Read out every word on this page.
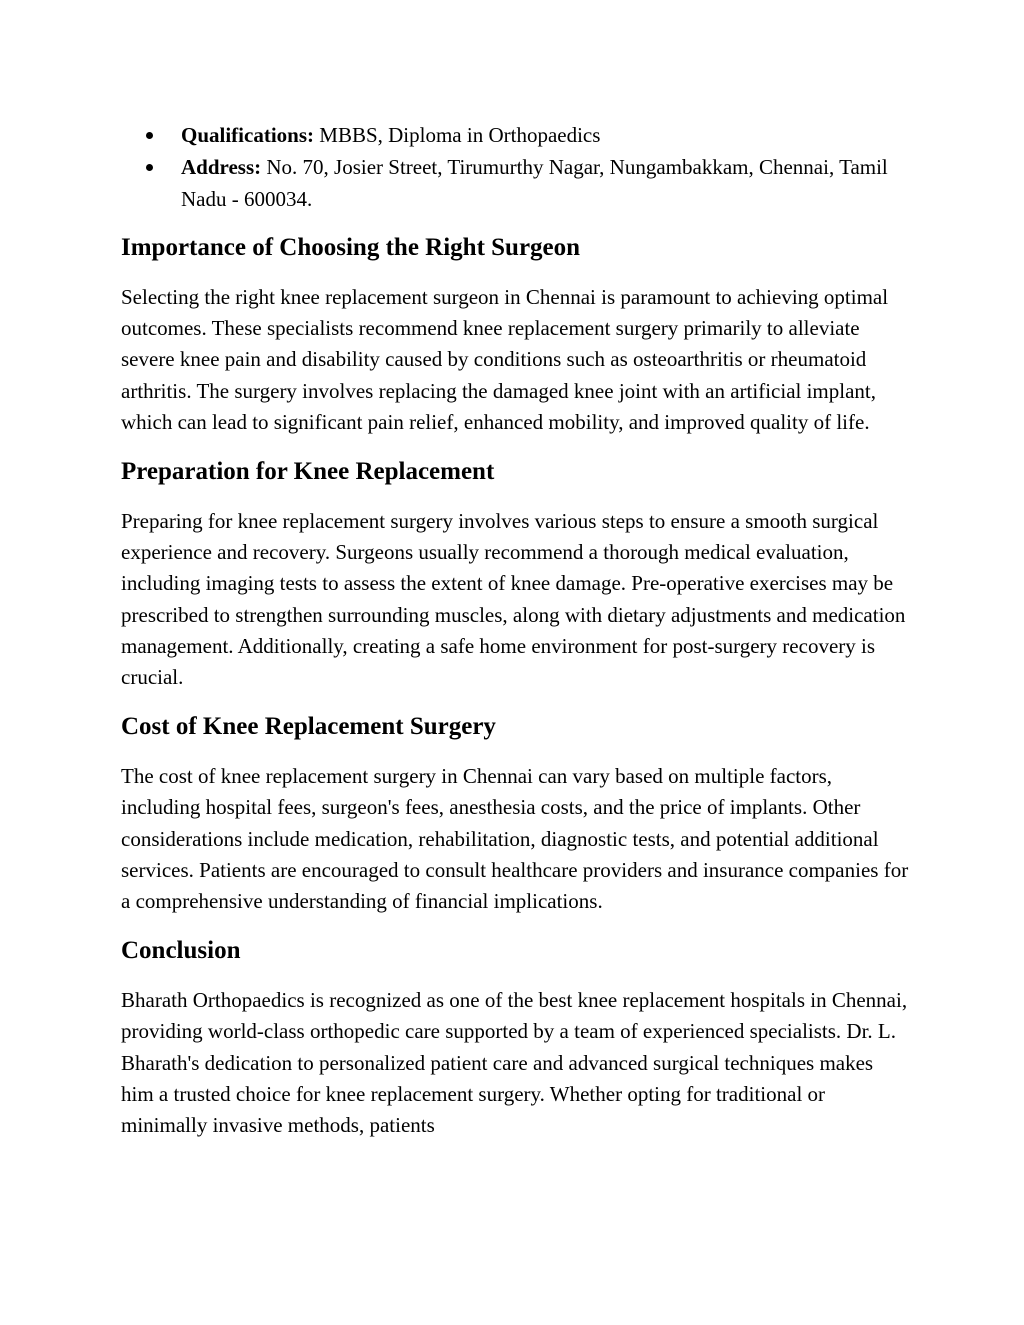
Qualifications: MBBS, Diploma in Orthopaedics
Address: No. 70, Josier Street, Tirumurthy Nagar, Nungambakkam, Chennai, Tamil Nadu - 600034.
Importance of Choosing the Right Surgeon

Selecting the right knee replacement surgeon in Chennai is paramount to achieving optimal outcomes. These specialists recommend knee replacement surgery primarily to alleviate severe knee pain and disability caused by conditions such as osteoarthritis or rheumatoid arthritis. The surgery involves replacing the damaged knee joint with an artificial implant, which can lead to significant pain relief, enhanced mobility, and improved quality of life.

Preparation for Knee Replacement

Preparing for knee replacement surgery involves various steps to ensure a smooth surgical experience and recovery. Surgeons usually recommend a thorough medical evaluation, including imaging tests to assess the extent of knee damage. Pre-operative exercises may be prescribed to strengthen surrounding muscles, along with dietary adjustments and medication management. Additionally, creating a safe home environment for post-surgery recovery is crucial.

Cost of Knee Replacement Surgery

The cost of knee replacement surgery in Chennai can vary based on multiple factors, including hospital fees, surgeon's fees, anesthesia costs, and the price of implants. Other considerations include medication, rehabilitation, diagnostic tests, and potential additional services. Patients are encouraged to consult healthcare providers and insurance companies for a comprehensive understanding of financial implications.

Conclusion

Bharath Orthopaedics is recognized as one of the best knee replacement hospitals in Chennai, providing world-class orthopedic care supported by a team of experienced specialists. Dr. L. Bharath's dedication to personalized patient care and advanced surgical techniques makes him a trusted choice for knee replacement surgery. Whether opting for traditional or minimally invasive methods, patients
